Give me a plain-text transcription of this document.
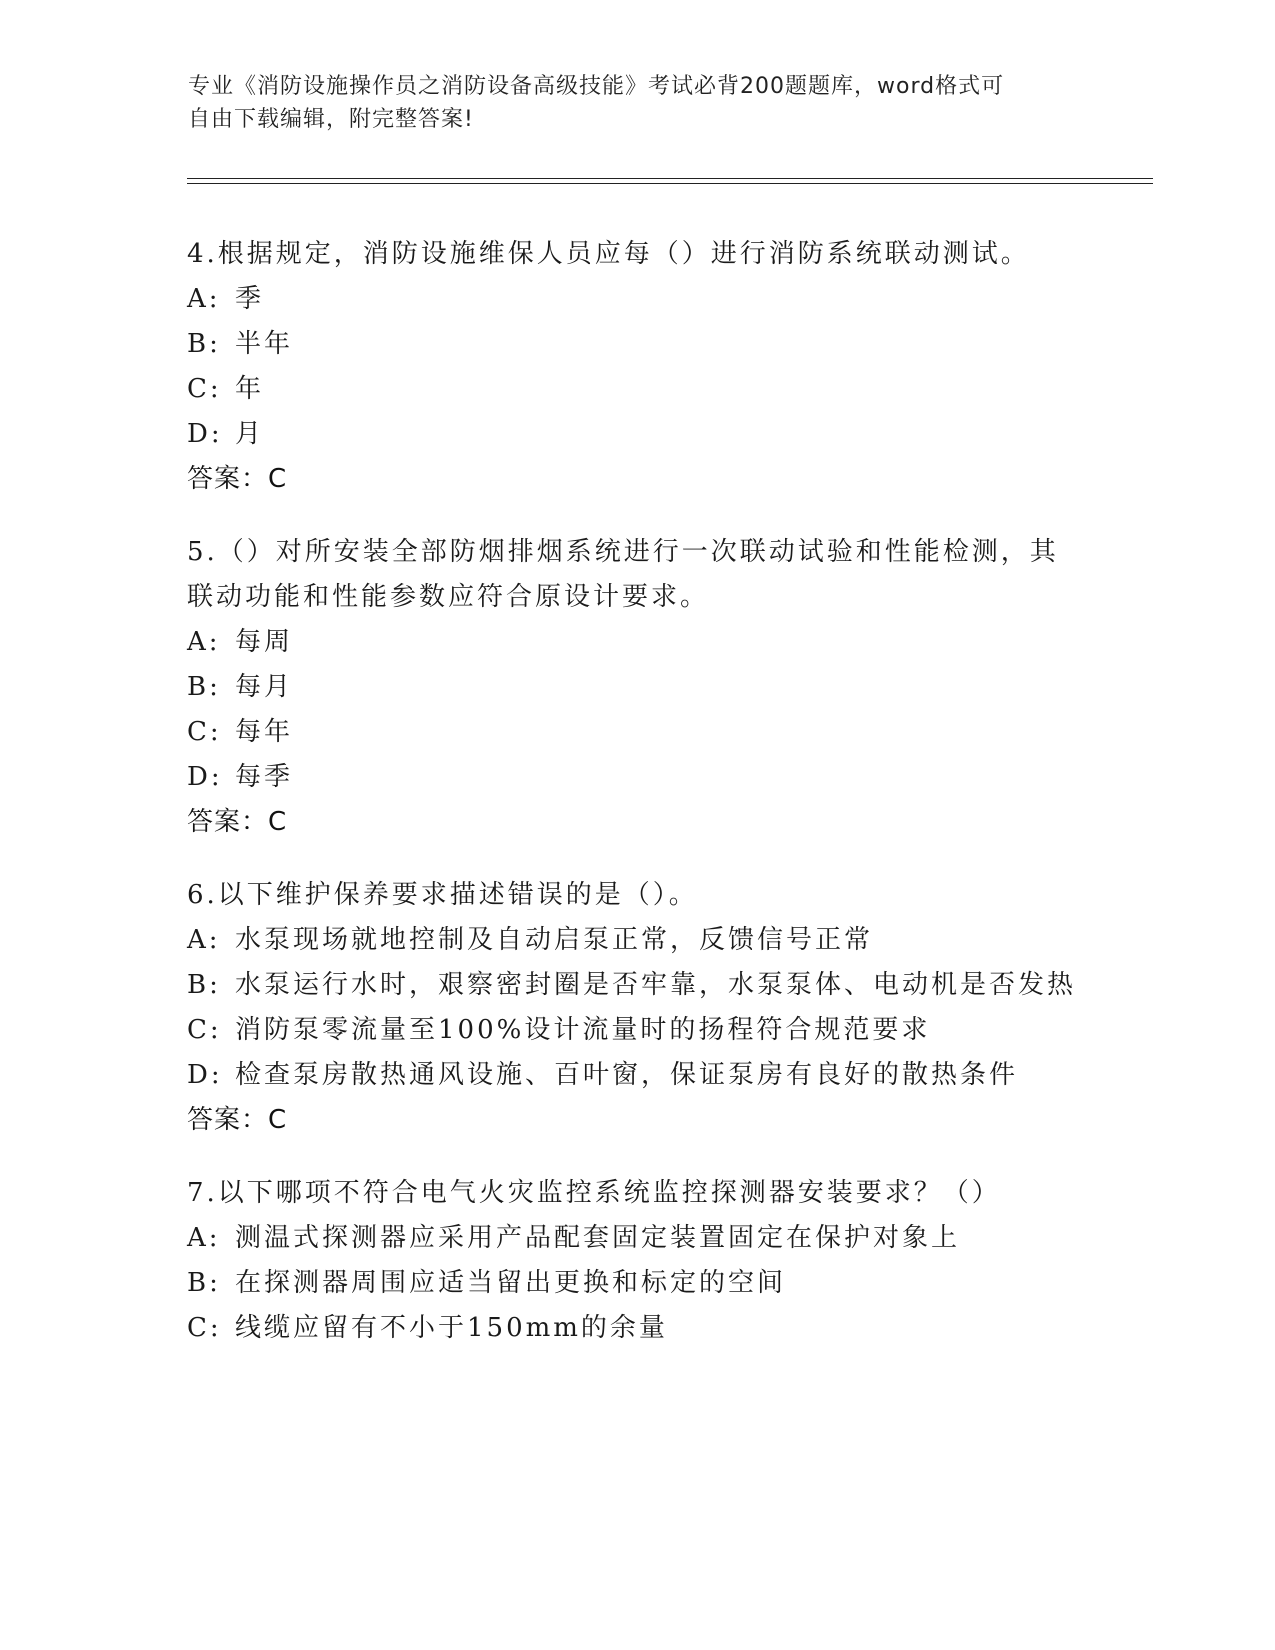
专业《消防设施操作员之消防设备高级技能》考试必背200题题库，word格式可
自由下载编辑，附完整答案!
4.根据规定，消防设施维保人员应每（）进行消防系统联动测试。
A: 季
B: 半年
C: 年
D: 月
答案：C
5.（）对所安装全部防烟排烟系统进行一次联动试验和性能检测，其
联动功能和性能参数应符合原设计要求。
A: 每周
B: 每月
C: 每年
D: 每季
答案：C
6.以下维护保养要求描述错误的是（）。
A: 水泵现场就地控制及自动启泵正常，反馈信号正常
B: 水泵运行水时，艰察密封圈是否牢靠，水泵泵体、电动机是否发热
C: 消防泵零流量至100%设计流量时的扬程符合规范要求
D: 检查泵房散热通风设施、百叶窗，保证泵房有良好的散热条件
答案：C
7.以下哪项不符合电气火灾监控系统监控探测器安装要求？（）
A: 测温式探测器应采用产品配套固定装置固定在保护对象上
B: 在探测器周围应适当留出更换和标定的空间
C: 线缆应留有不小于150mm的余量
